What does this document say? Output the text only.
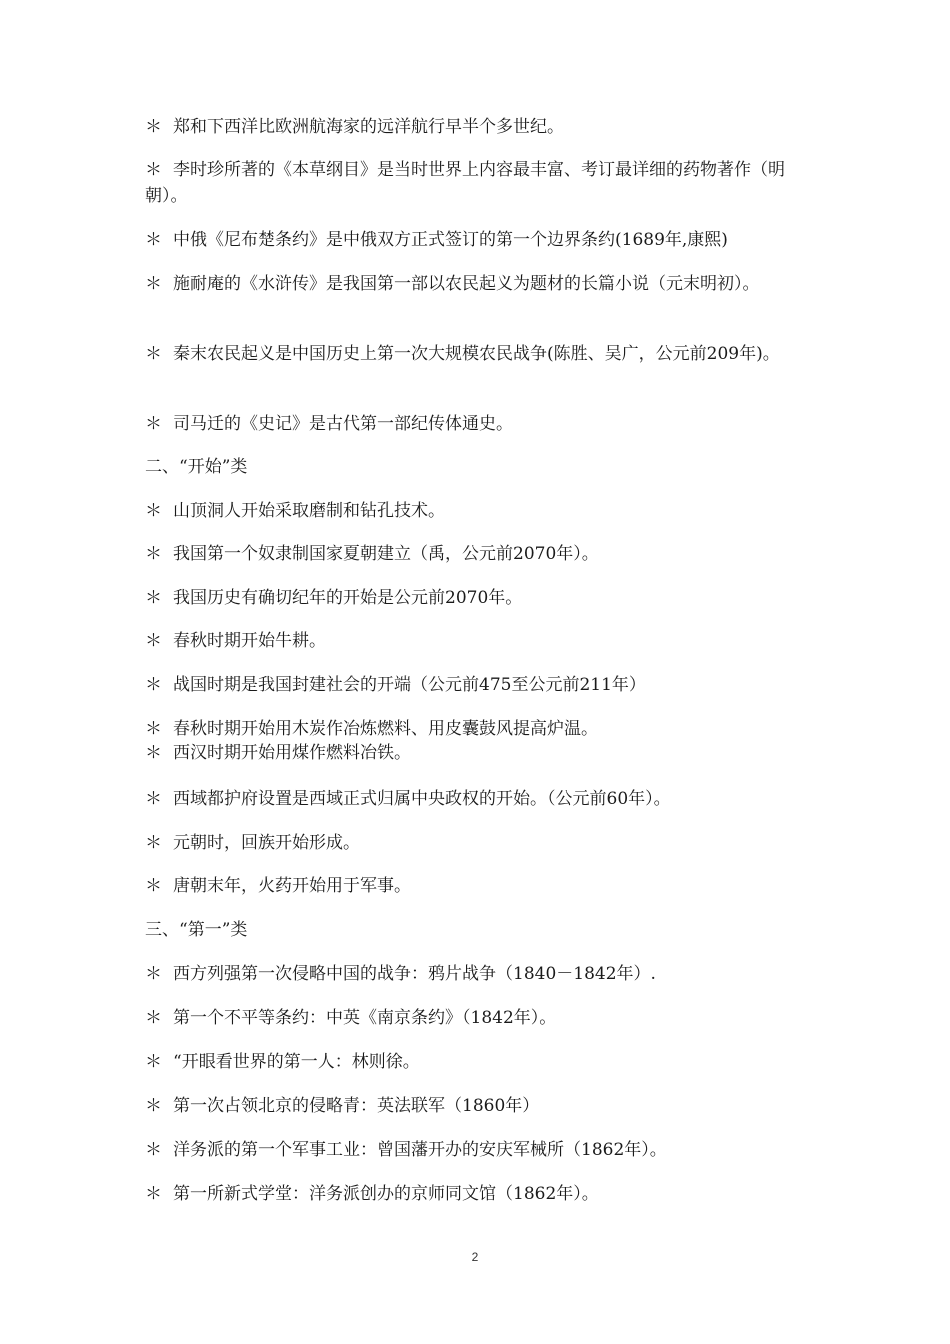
＊ 郑和下西洋比欧洲航海家的远洋航行早半个多世纪。

＊ 李时珍所著的《本草纲目》是当时世界上内容最丰富、考订最详细的药物著作（明朝）。

＊ 中俄《尼布楚条约》是中俄双方正式签订的第一个边界条约(1689年,康熙)

＊ 施耐庵的《水浒传》是我国第一部以农民起义为题材的长篇小说（元末明初）。

＊ 秦末农民起义是中国历史上第一次大规模农民战争(陈胜、吴广，公元前209年)。

＊ 司马迁的《史记》是古代第一部纪传体通史。

二、“开始”类

＊ 山顶洞人开始采取磨制和钻孔技术。

＊ 我国第一个奴隶制国家夏朝建立（禹，公元前2070年）。

＊ 我国历史有确切纪年的开始是公元前2070年。

＊ 春秋时期开始牛耕。

＊ 战国时期是我国封建社会的开端（公元前475至公元前211年）

＊ 春秋时期开始用木炭作冶炼燃料、用皮囊鼓风提高炉温。

＊ 西汉时期开始用煤作燃料冶铁。

＊ 西域都护府设置是西域正式归属中央政权的开始。（公元前60年）。

＊ 元朝时，回族开始形成。

＊ 唐朝末年，火药开始用于军事。

三、“第一”类

＊ 西方列强第一次侵略中国的战争：鸦片战争（1840－1842年）.

＊ 第一个不平等条约：中英《南京条约》（1842年）。

＊ “开眼看世界的第一人：林则徐。

＊ 第一次占领北京的侵略青：英法联军（1860年）

＊ 洋务派的第一个军事工业：曾国藩开办的安庆军械所（1862年）。

＊ 第一所新式学堂：洋务派创办的京师同文馆（1862年）。

2
